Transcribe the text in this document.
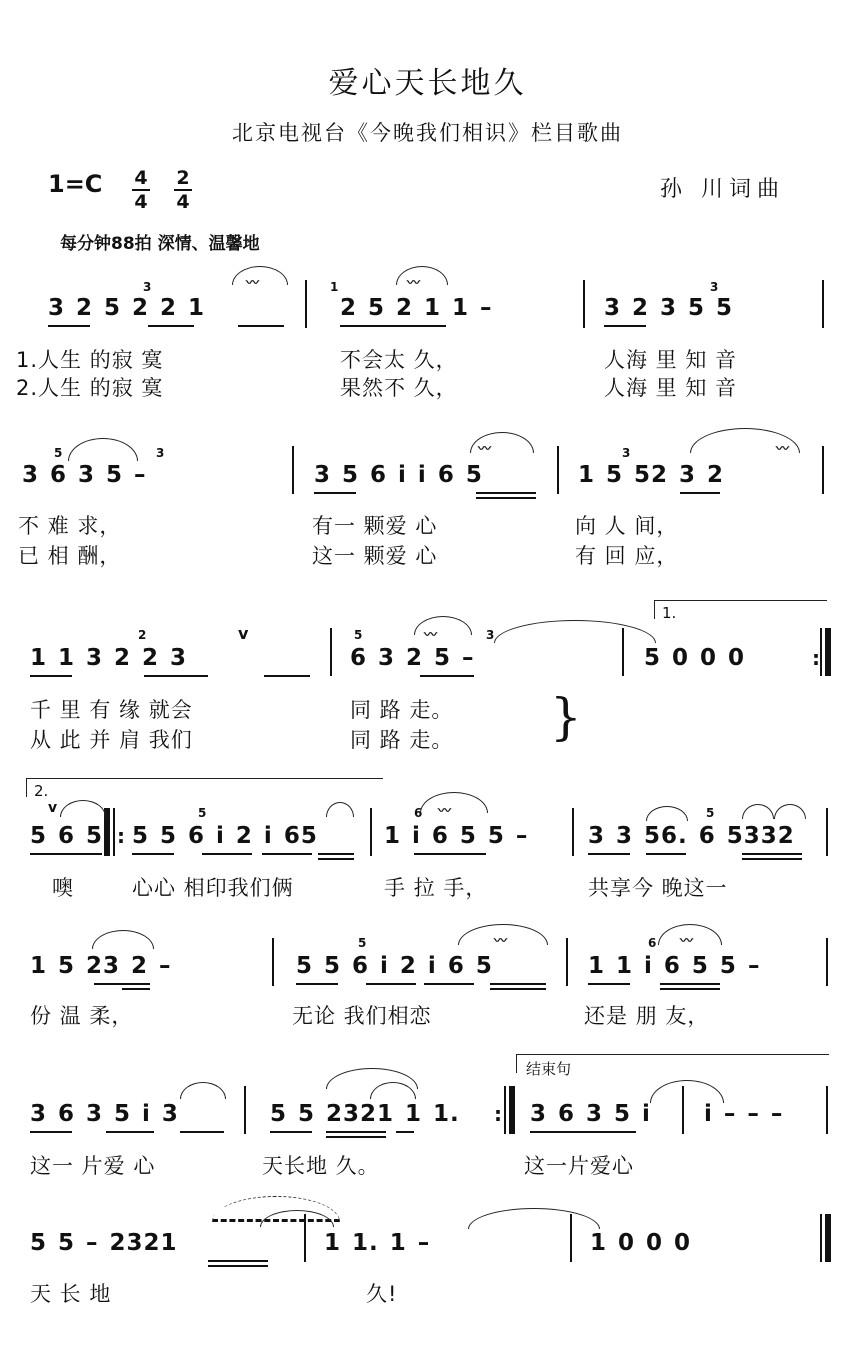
爱心天长地久
北京电视台《今晚我们相识》栏目歌曲
1=C 4
4
2
4	孙 川词曲
每分钟88拍 深情、温馨地
3 2 5 2 2 1	2 5 2 1 1 –	3 2 3 5 5
3	1	3
〰	〰
1.人生 的寂 寞	不会太 久，	人海 里 知 音
2.人生 的寂 寞	果然不 久，	人海 里 知 音
3 6 3 5 –	3 5 6 i i 6 5	1 5 52 3 2
5	3	3
〰	〰
不 难 求，	有一 颗爱 心	向 人 间，
已 相 酬，	这一 颗爱 心	有 回 应，
1.
1 1 3 2 2 3	6 3 2 5 –	5 0 0 0
2	5	3
v
:
〰
千 里 有 缘 就会	同 路 走。
从 此 并 肩 我们	同 路 走。 }
2.
5 6 5 : 5 5 6 i 2 i 65	1 i 6 5 5 –	3 3 56. 6 5332
5	6	5
v	〰
噢	心心 相印我们俩	手 拉 手，	共享今 晚这一
1 5 23 2 –	5 5 6 i 2 i 6 5	1 1 i 6 5 5 –
5	6
〰	〰
份 温 柔，	无论 我们相恋	还是 朋 友，
结束句
3 6 3 5 i 3	5 5 2321 1 1.	3 6 3 5 i i – – –
:
这一 片爱 心	天长地 久。	这一片爱心
5 5 – 2321	1 1. 1 –	1 0 0 0
天 长 地	久!
